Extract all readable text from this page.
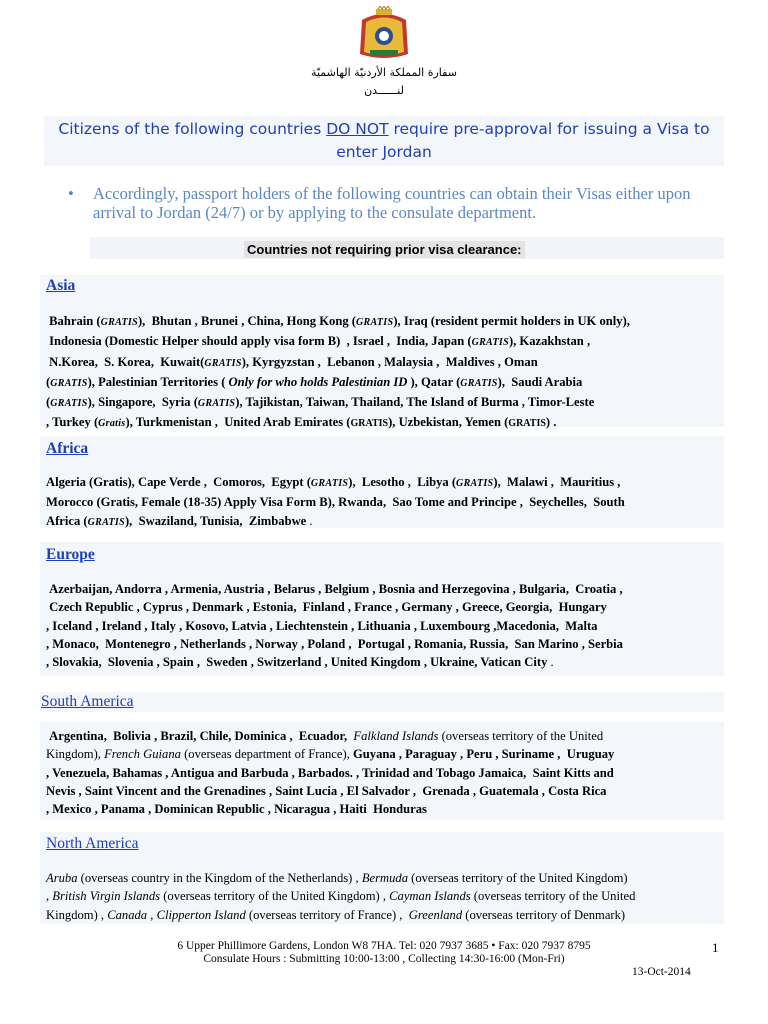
سفارة المملكة الأردنيّة الهاشميّة
لنــــــدن
Citizens of the following countries DO NOT require pre-approval for issuing a Visa to enter Jordan
• Accordingly, passport holders of the following countries can obtain their Visas either upon arrival to Jordan (24/7) or by applying to the consulate department.
Countries not requiring prior visa clearance:
Asia
Bahrain (GRATIS),  Bhutan , Brunei , China, Hong Kong (GRATIS), Iraq (resident permit holders in UK only),
Indonesia (Domestic Helper should apply visa form B)  , Israel ,  India, Japan (GRATIS), Kazakhstan ,
N.Korea,  S. Korea,  Kuwait(GRATIS), Kyrgyzstan ,  Lebanon , Malaysia ,  Maldives , Oman
(GRATIS), Palestinian Territories ( Only for who holds Palestinian ID ), Qatar (GRATIS),  Saudi Arabia
(GRATIS), Singapore,  Syria (GRATIS), Tajikistan, Taiwan, Thailand, The Island of Burma , Timor-Leste
, Turkey (Gratis), Turkmenistan ,  United Arab Emirates (GRATIS), Uzbekistan, Yemen (GRATIS) .
Africa
Algeria (Gratis), Cape Verde ,  Comoros,  Egypt (GRATIS),  Lesotho ,  Libya (GRATIS),  Malawi ,  Mauritius ,
Morocco (Gratis, Female (18-35) Apply Visa Form B), Rwanda,  Sao Tome and Principe ,  Seychelles,  South
Africa (GRATIS),  Swaziland, Tunisia,  Zimbabwe .
Europe
Azerbaijan, Andorra , Armenia, Austria , Belarus , Belgium , Bosnia and Herzegovina , Bulgaria,  Croatia ,
Czech Republic , Cyprus , Denmark , Estonia,  Finland , France , Germany , Greece, Georgia,  Hungary
, Iceland , Ireland , Italy , Kosovo, Latvia , Liechtenstein , Lithuania , Luxembourg ,Macedonia,  Malta
, Monaco,  Montenegro , Netherlands , Norway , Poland ,  Portugal , Romania, Russia,  San Marino , Serbia
, Slovakia,  Slovenia , Spain ,  Sweden , Switzerland , United Kingdom , Ukraine, Vatican City .
South America
Argentina,  Bolivia , Brazil, Chile, Dominica ,  Ecuador,  Falkland Islands (overseas territory of the United
Kingdom), French Guiana (overseas department of France), Guyana , Paraguay , Peru , Suriname ,  Uruguay
, Venezuela, Bahamas , Antigua and Barbuda , Barbados. , Trinidad and Tobago Jamaica,  Saint Kitts and
Nevis , Saint Vincent and the Grenadines , Saint Lucia , El Salvador ,  Grenada , Guatemala , Costa Rica
, Mexico , Panama , Dominican Republic , Nicaragua , Haiti  Honduras
North America
Aruba (overseas country in the Kingdom of the Netherlands) , Bermuda (overseas territory of the United Kingdom)
, British Virgin Islands (overseas territory of the United Kingdom) , Cayman Islands (overseas territory of the United
Kingdom) , Canada , Clipperton Island (overseas territory of France) ,  Greenland (overseas territory of Denmark)
6 Upper Phillimore Gardens, London W8 7HA. Tel: 020 7937 3685 • Fax: 020 7937 8795
Consulate Hours : Submitting 10:00-13:00 , Collecting 14:30-16:00 (Mon-Fri)
1
13-Oct-2014
